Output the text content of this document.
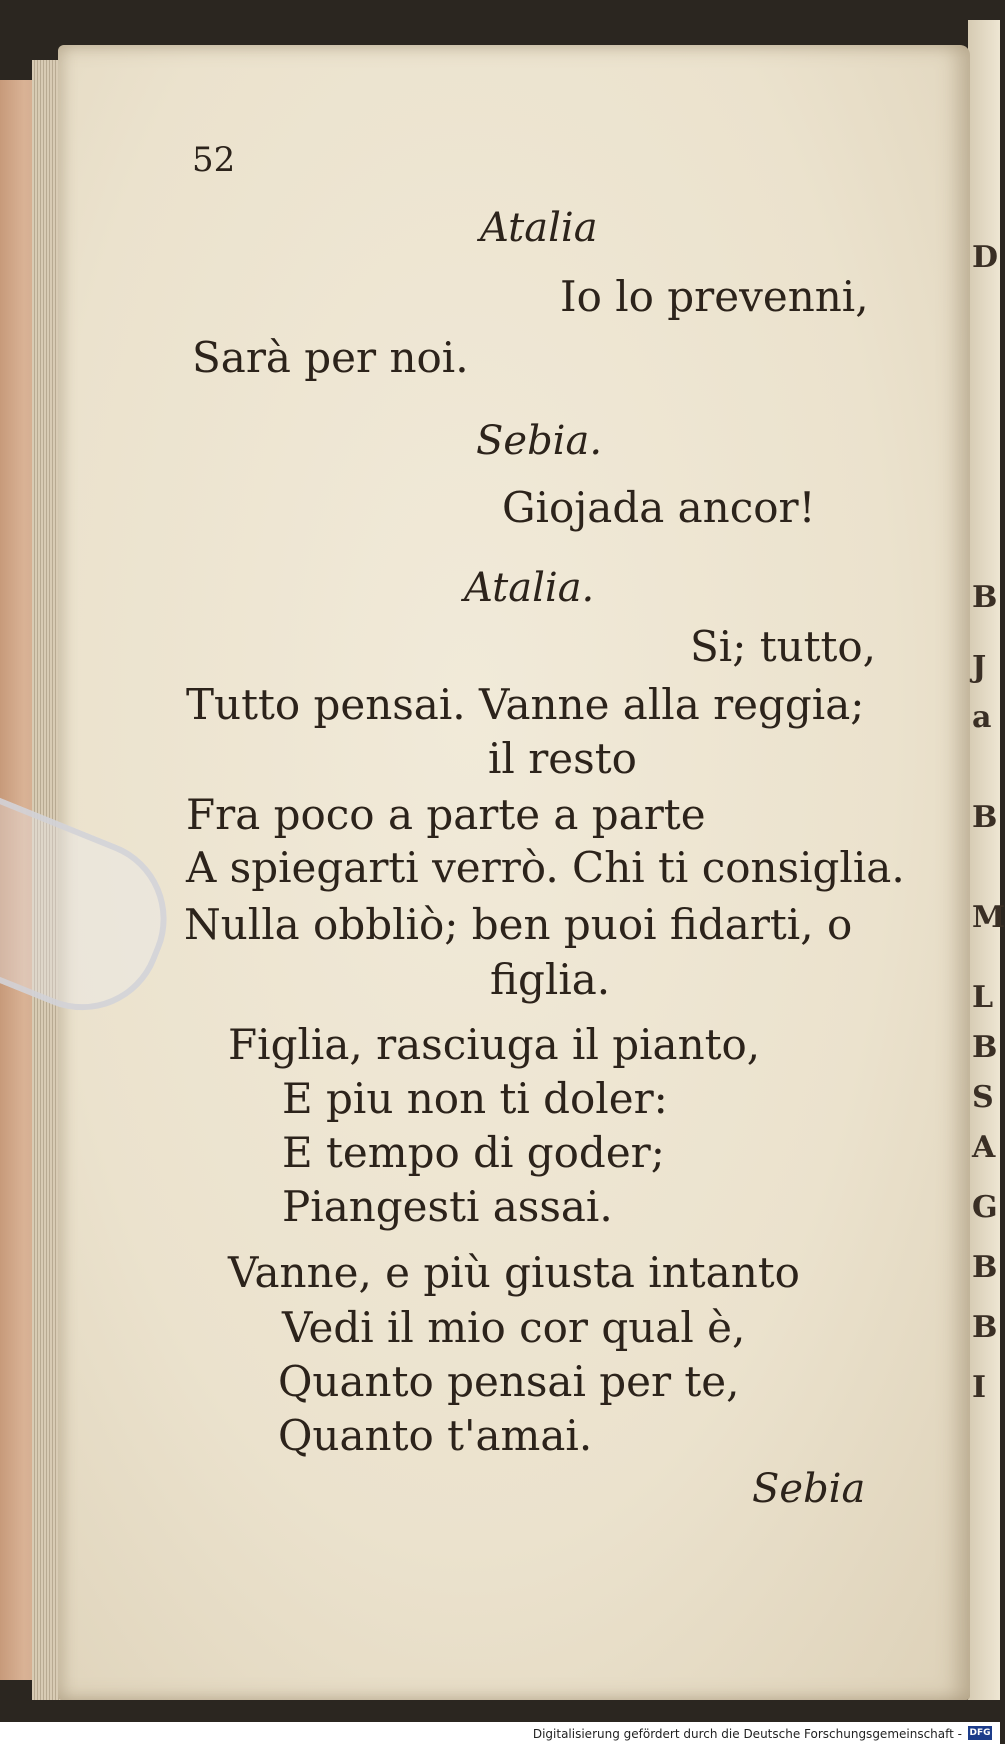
52
Atalia
Io lo prevenni,
Sarà per noi.
Sebia.
Giojada ancor!
Atalia.
Si; tutto,
Tutto pensai. Vanne alla reggia;
il resto
Fra poco a parte a parte
A spiegarti verrò. Chi ti consiglia.
Nulla obbliò; ben puoi fidarti, o
figlia.
Figlia, rasciuga il pianto,
E piu non ti doler:
E tempo di goder;
Piangesti assai.
Vanne, e più giusta intanto
Vedi il mio cor qual è,
Quanto pensai per te,
Quanto t'amai.
Sebia
D
B
J
a
B
M
L
B
S
A
G
B
B
I
Digitalisierung gefördert durch die Deutsche Forschungsgemeinschaft - DFG
